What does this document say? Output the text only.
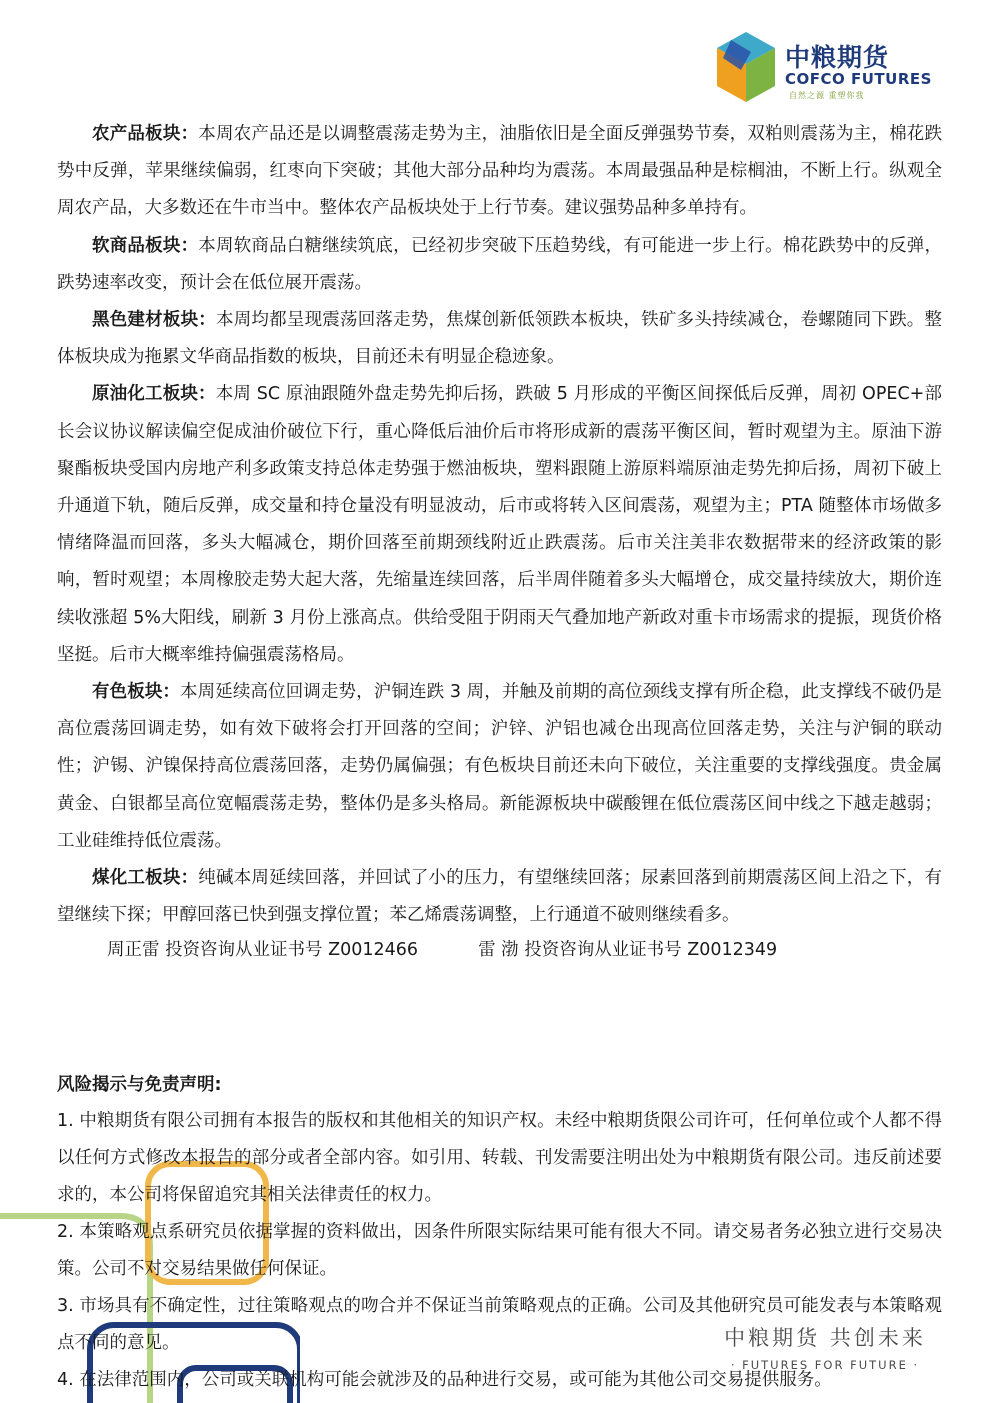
中粮期货
COFCO FUTURES
自然之源 重塑你我

农产品板块：本周农产品还是以调整震荡走势为主，油脂依旧是全面反弹强势节奏，双粕则震荡为主，棉花跌势中反弹，苹果继续偏弱，红枣向下突破；其他大部分品种均为震荡。本周最强品种是棕榈油，不断上行。纵观全周农产品，大多数还在牛市当中。整体农产品板块处于上行节奏。建议强势品种多单持有。

软商品板块：本周软商品白糖继续筑底，已经初步突破下压趋势线，有可能进一步上行。棉花跌势中的反弹，跌势速率改变，预计会在低位展开震荡。

黑色建材板块：本周均都呈现震荡回落走势，焦煤创新低领跌本板块，铁矿多头持续减仓，卷螺随同下跌。整体板块成为拖累文华商品指数的板块，目前还未有明显企稳迹象。

原油化工板块：本周 SC 原油跟随外盘走势先抑后扬，跌破 5 月形成的平衡区间探低后反弹，周初 OPEC+部长会议协议解读偏空促成油价破位下行，重心降低后油价后市将形成新的震荡平衡区间，暂时观望为主。原油下游聚酯板块受国内房地产利多政策支持总体走势强于燃油板块，塑料跟随上游原料端原油走势先抑后扬，周初下破上升通道下轨，随后反弹，成交量和持仓量没有明显波动，后市或将转入区间震荡，观望为主；PTA 随整体市场做多情绪降温而回落，多头大幅减仓，期价回落至前期颈线附近止跌震荡。后市关注美非农数据带来的经济政策的影响，暂时观望；本周橡胶走势大起大落，先缩量连续回落，后半周伴随着多头大幅增仓，成交量持续放大，期价连续收涨超 5%大阳线，刷新 3 月份上涨高点。供给受阻于阴雨天气叠加地产新政对重卡市场需求的提振，现货价格坚挺。后市大概率维持偏强震荡格局。

有色板块：本周延续高位回调走势，沪铜连跌 3 周，并触及前期的高位颈线支撑有所企稳，此支撑线不破仍是高位震荡回调走势，如有效下破将会打开回落的空间；沪锌、沪铝也减仓出现高位回落走势，关注与沪铜的联动性；沪锡、沪镍保持高位震荡回落，走势仍属偏强；有色板块目前还未向下破位，关注重要的支撑线强度。贵金属黄金、白银都呈高位宽幅震荡走势，整体仍是多头格局。新能源板块中碳酸锂在低位震荡区间中线之下越走越弱；工业硅维持低位震荡。

煤化工板块：纯碱本周延续回落，并回试了小的压力，有望继续回落；尿素回落到前期震荡区间上沿之下，有望继续下探；甲醇回落已快到强支撑位置；苯乙烯震荡调整，上行通道不破则继续看多。

周正雷 投资咨询从业证书号 Z0012466	雷 渤 投资咨询从业证书号 Z0012349

风险揭示与免责声明:

1. 中粮期货有限公司拥有本报告的版权和其他相关的知识产权。未经中粮期货限公司许可，任何单位或个人都不得以任何方式修改本报告的部分或者全部内容。如引用、转载、刊发需要注明出处为中粮期货有限公司。违反前述要求的，本公司将保留追究其相关法律责任的权力。

2. 本策略观点系研究员依据掌握的资料做出，因条件所限实际结果可能有很大不同。请交易者务必独立进行交易决策。公司不对交易结果做任何保证。

3. 市场具有不确定性，过往策略观点的吻合并不保证当前策略观点的正确。公司及其他研究员可能发表与本策略观点不同的意见。

4. 在法律范围内，公司或关联机构可能会就涉及的品种进行交易，或可能为其他公司交易提供服务。

中粮期货 共创未来
· FUTURES FOR FUTURE ·
